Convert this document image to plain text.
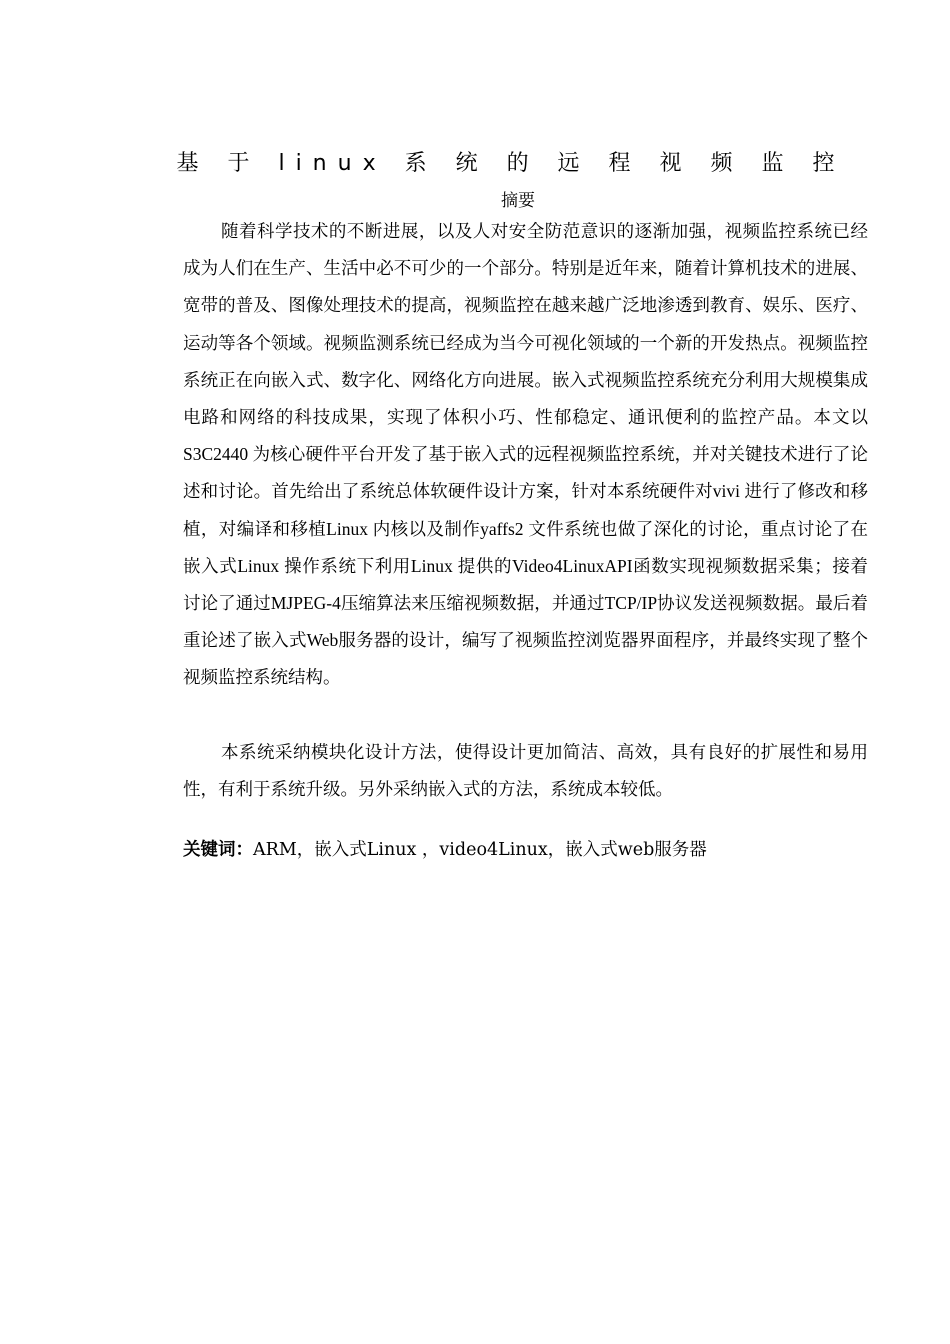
基 于 linux 系 统 的 远 程 视 频 监 控
摘要

随着科学技术的不断进展，以及人对安全防范意识的逐渐加强，视频监控系统已经成为人们在生产、生活中必不可少的一个部分。特别是近年来，随着计算机技术的进展、宽带的普及、图像处理技术的提高，视频监控在越来越广泛地渗透到教育、娱乐、医疗、运动等各个领域。视频监测系统已经成为当今可视化领域的一个新的开发热点。视频监控系统正在向嵌入式、数字化、网络化方向进展。嵌入式视频监控系统充分利用大规模集成电路和网络的科技成果，实现了体积小巧、性郁稳定、通讯便利的监控产品。本文以S3C2440 为核心硬件平台开发了基于嵌入式的远程视频监控系统，并对关键技术进行了论述和讨论。首先给出了系统总体软硬件设计方案，针对本系统硬件对vivi 进行了修改和移植，对编译和移植Linux 内核以及制作yaffs2 文件系统也做了深化的讨论，重点讨论了在嵌入式Linux 操作系统下利用Linux 提供的Video4LinuxAPI函数实现视频数据采集；接着讨论了通过MJPEG-4压缩算法来压缩视频数据，并通过TCP/IP协议发送视频数据。最后着重论述了嵌入式Web服务器的设计，编写了视频监控浏览器界面程序，并最终实现了整个视频监控系统结构。

本系统采纳模块化设计方法，使得设计更加简洁、高效，具有良好的扩展性和易用性，有利于系统升级。另外采纳嵌入式的方法，系统成本较低。

关键词：ARM，嵌入式Linux ，video4Linux，嵌入式web服务器
